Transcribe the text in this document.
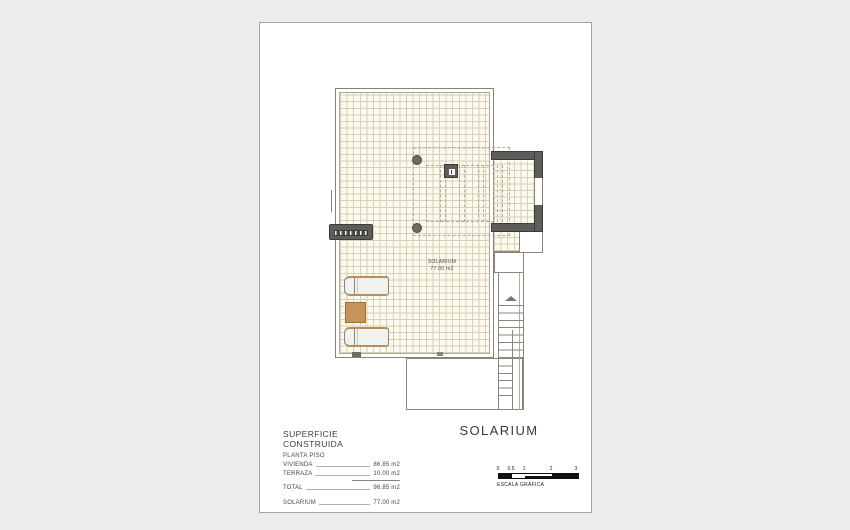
SOLARIUM
77.00 m2
SUPERFICIE CONSTRUIDA
PLANTA PISO
VIVIENDA	86.85 m2
TERRAZA	10.00 m2
TOTAL	96.85 m2
SOLARIUM	77.00 m2
SOLARIUM
0 0.5 1	2	3
ESCALA GRÁFICA
